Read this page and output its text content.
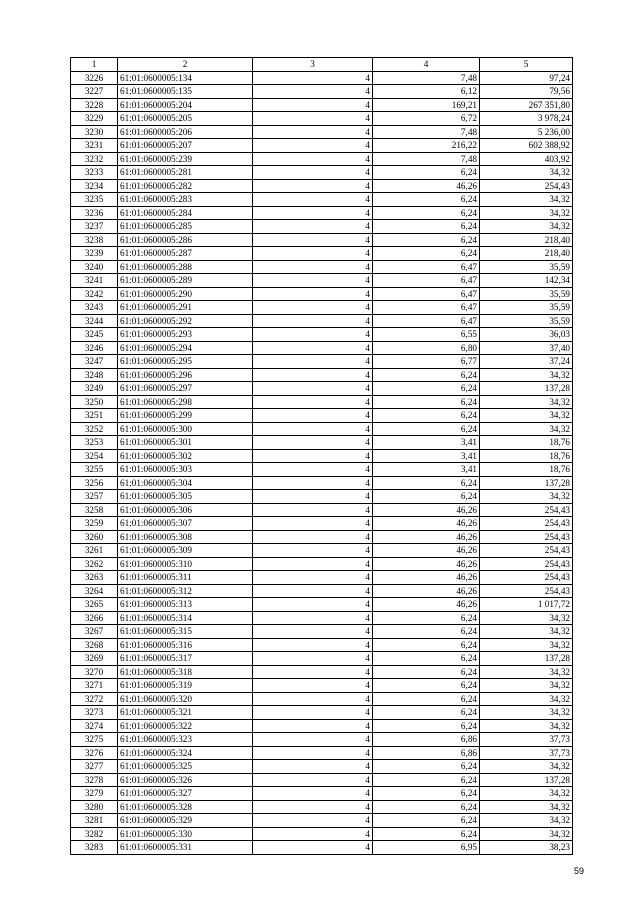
1	2	3	4	5
3226	61:01:0600005:134	4	7,48	97,24
3227	61:01:0600005:135	4	6,12	79,56
3228	61:01:0600005:204	4	169,21	267 351,80
3229	61:01:0600005:205	4	6,72	3 978,24
3230	61:01:0600005:206	4	7,48	5 236,00
3231	61:01:0600005:207	4	216,22	602 388,92
3232	61:01:0600005:239	4	7,48	403,92
3233	61:01:0600005:281	4	6,24	34,32
3234	61:01:0600005:282	4	46,26	254,43
3235	61:01:0600005:283	4	6,24	34,32
3236	61:01:0600005:284	4	6,24	34,32
3237	61:01:0600005:285	4	6,24	34,32
3238	61:01:0600005:286	4	6,24	218,40
3239	61:01:0600005:287	4	6,24	218,40
3240	61:01:0600005:288	4	6,47	35,59
3241	61:01:0600005:289	4	6,47	142,34
3242	61:01:0600005:290	4	6,47	35,59
3243	61:01:0600005:291	4	6,47	35,59
3244	61:01:0600005:292	4	6,47	35,59
3245	61:01:0600005:293	4	6,55	36,03
3246	61:01:0600005:294	4	6,80	37,40
3247	61:01:0600005:295	4	6,77	37,24
3248	61:01:0600005:296	4	6,24	34,32
3249	61:01:0600005:297	4	6,24	137,28
3250	61:01:0600005:298	4	6,24	34,32
3251	61:01:0600005:299	4	6,24	34,32
3252	61:01:0600005:300	4	6,24	34,32
3253	61:01:0600005:301	4	3,41	18,76
3254	61:01:0600005:302	4	3,41	18,76
3255	61:01:0600005:303	4	3,41	18,76
3256	61:01:0600005:304	4	6,24	137,28
3257	61:01:0600005:305	4	6,24	34,32
3258	61:01:0600005:306	4	46,26	254,43
3259	61:01:0600005:307	4	46,26	254,43
3260	61:01:0600005:308	4	46,26	254,43
3261	61:01:0600005:309	4	46,26	254,43
3262	61:01:0600005:310	4	46,26	254,43
3263	61:01:0600005:311	4	46,26	254,43
3264	61:01:0600005:312	4	46,26	254,43
3265	61:01:0600005:313	4	46,26	1 017,72
3266	61:01:0600005:314	4	6,24	34,32
3267	61:01:0600005:315	4	6,24	34,32
3268	61:01:0600005:316	4	6,24	34,32
3269	61:01:0600005:317	4	6,24	137,28
3270	61:01:0600005:318	4	6,24	34,32
3271	61:01:0600005:319	4	6,24	34,32
3272	61:01:0600005:320	4	6,24	34,32
3273	61:01:0600005:321	4	6,24	34,32
3274	61:01:0600005:322	4	6,24	34,32
3275	61:01:0600005:323	4	6,86	37,73
3276	61:01:0600005:324	4	6,86	37,73
3277	61:01:0600005:325	4	6,24	34,32
3278	61:01:0600005:326	4	6,24	137,28
3279	61:01:0600005:327	4	6,24	34,32
3280	61:01:0600005:328	4	6,24	34,32
3281	61:01:0600005:329	4	6,24	34,32
3282	61:01:0600005:330	4	6,24	34,32
3283	61:01:0600005:331	4	6,95	38,23
59
